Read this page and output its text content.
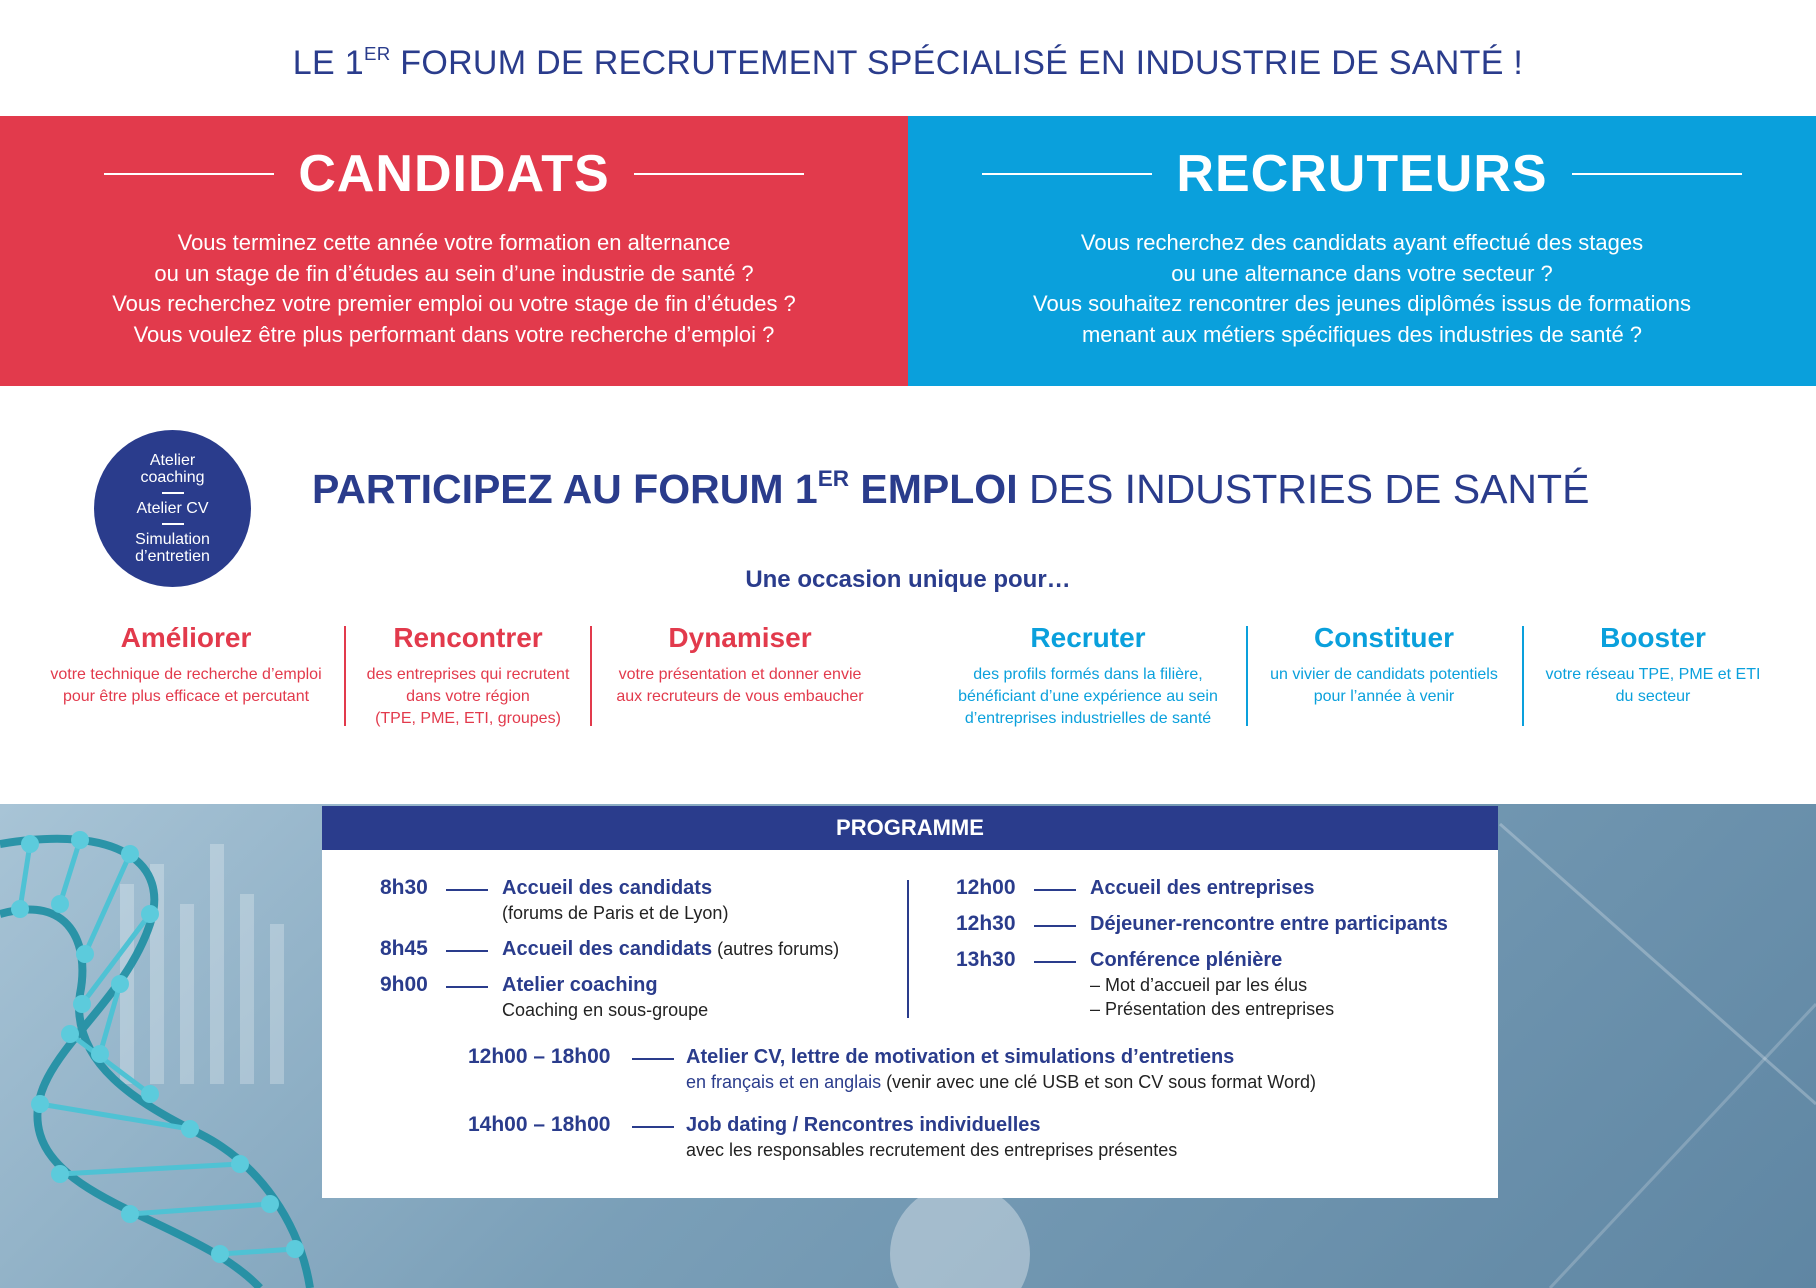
LE 1ER FORUM DE RECRUTEMENT SPÉCIALISÉ EN INDUSTRIE DE SANTÉ !
CANDIDATS
Vous terminez cette année votre formation en alternance
ou un stage de fin d’études au sein d’une industrie de santé ?
Vous recherchez votre premier emploi ou votre stage de fin d’études ?
Vous voulez être plus performant dans votre recherche d’emploi ?
RECRUTEURS
Vous recherchez des candidats ayant effectué des stages
ou une alternance dans votre secteur ?
Vous souhaitez rencontrer des jeunes diplômés issus de formations
menant aux métiers spécifiques des industries de santé ?
Atelier
coaching
Atelier CV
Simulation
d’entretien
PARTICIPEZ AU FORUM 1ER EMPLOI DES INDUSTRIES DE SANTÉ
Une occasion unique pour…
Améliorer
votre technique de recherche d’emploi
pour être plus efficace et percutant
Rencontrer
des entreprises qui recrutent
dans votre région
(TPE, PME, ETI, groupes)
Dynamiser
votre présentation et donner envie
aux recruteurs de vous embaucher
Recruter
des profils formés dans la filière,
bénéficiant d’une expérience au sein
d’entreprises industrielles de santé
Constituer
un vivier de candidats potentiels
pour l’année à venir
Booster
votre réseau TPE, PME et ETI
du secteur
PROGRAMME
8h30	Accueil des candidats
(forums de Paris et de Lyon)
8h45	Accueil des candidats (autres forums)
9h00	Atelier coaching
Coaching en sous-groupe
12h00	Accueil des entreprises
12h30	Déjeuner-rencontre entre participants
13h30	Conférence plénière
– Mot d’accueil par les élus
– Présentation des entreprises
12h00 – 18h00	Atelier CV, lettre de motivation et simulations d’entretiens
en français et en anglais (venir avec une clé USB et son CV sous format Word)
14h00 – 18h00	Job dating / Rencontres individuelles
avec les responsables recrutement des entreprises présentes
